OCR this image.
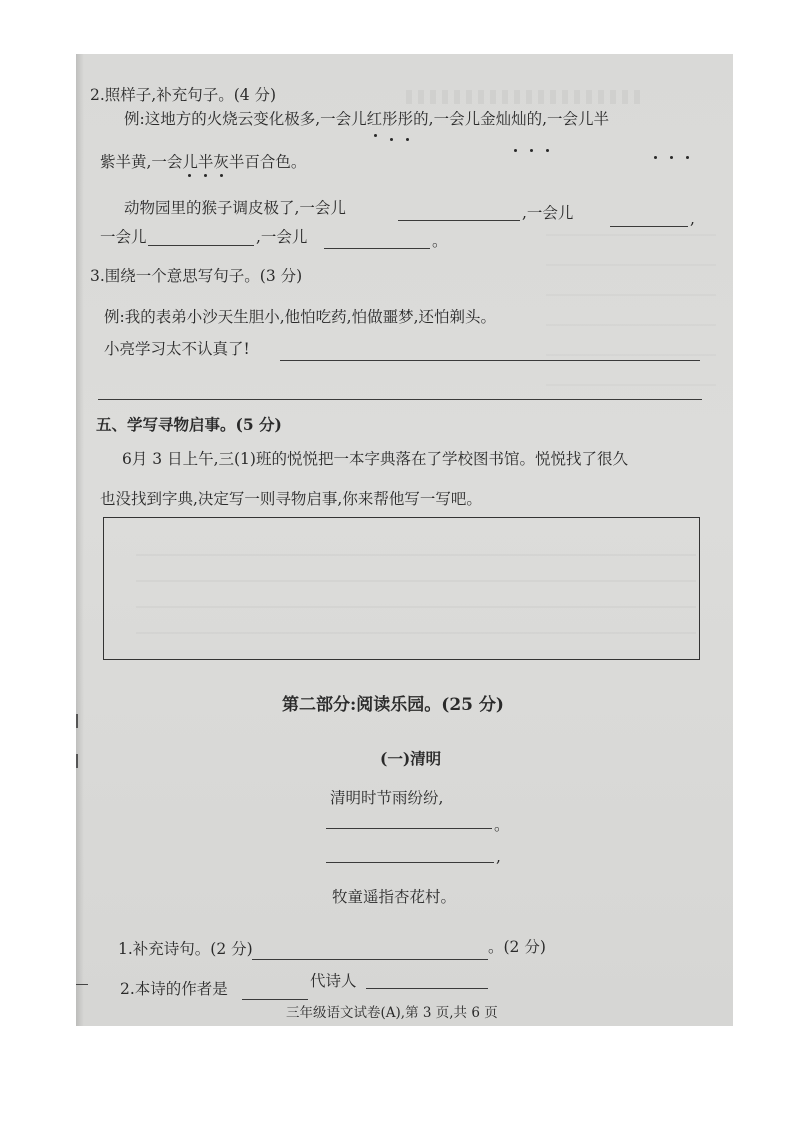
2.照样子,补充句子。(4 分)
例:这地方的火烧云变化极多,一会儿红彤彤的,一会儿金灿灿的,一会儿半
紫半黄,一会儿半灰半百合色。
动物园里的猴子调皮极了,一会儿	,一会儿	,
一会儿	,一会儿	。
3.围绕一个意思写句子。(3 分)
例:我的表弟小沙天生胆小,他怕吃药,怕做噩梦,还怕剃头。
小亮学习太不认真了!
五、学写寻物启事。(5 分)
6月 3 日上午,三(1)班的悦悦把一本字典落在了学校图书馆。悦悦找了很久
也没找到字典,决定写一则寻物启事,你来帮他写一写吧。
第二部分:阅读乐园。(25 分)
(一)清明
清明时节雨纷纷,
。
,
牧童遥指杏花村。
1.补充诗句。(2 分)	。(2 分)
2.本诗的作者是	代诗人
三年级语文试卷(A),第 3 页,共 6 页
